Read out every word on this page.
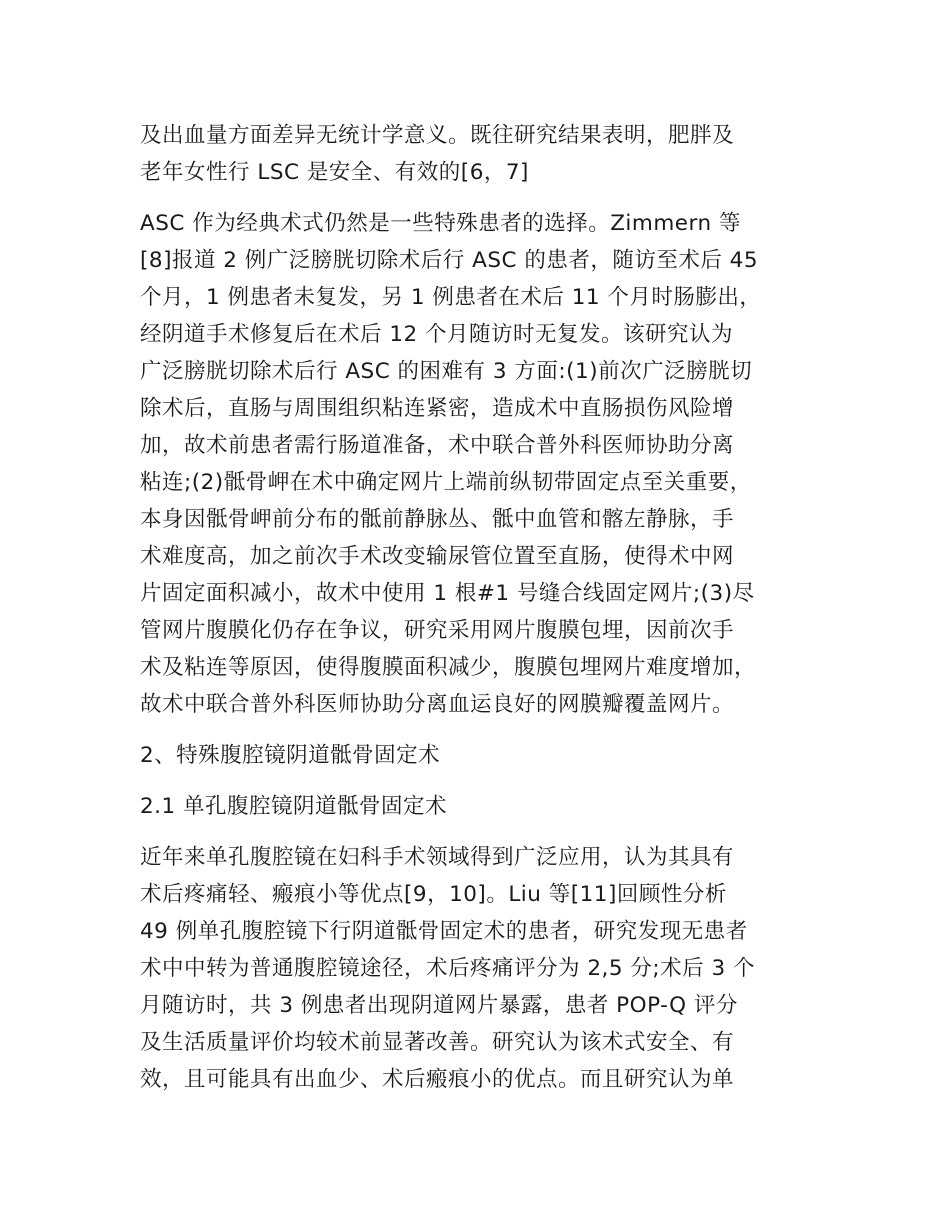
及出血量方面差异无统计学意义。既往研究结果表明，肥胖及
老年女性行 LSC 是安全、有效的[6，7]
ASC 作为经典术式仍然是一些特殊患者的选择。Zimmern 等
[8]报道 2 例广泛膀胱切除术后行 ASC 的患者，随访至术后 45
个月，1 例患者未复发，另 1 例患者在术后 11 个月时肠膨出，
经阴道手术修复后在术后 12 个月随访时无复发。该研究认为
广泛膀胱切除术后行 ASC 的困难有 3 方面:(1)前次广泛膀胱切
除术后，直肠与周围组织粘连紧密，造成术中直肠损伤风险增
加，故术前患者需行肠道准备，术中联合普外科医师协助分离
粘连;(2)骶骨岬在术中确定网片上端前纵韧带固定点至关重要，
本身因骶骨岬前分布的骶前静脉丛、骶中血管和髂左静脉，手
术难度高，加之前次手术改变输尿管位置至直肠，使得术中网
片固定面积减小，故术中使用 1 根#1 号缝合线固定网片;(3)尽
管网片腹膜化仍存在争议，研究采用网片腹膜包埋，因前次手
术及粘连等原因，使得腹膜面积减少，腹膜包埋网片难度增加，
故术中联合普外科医师协助分离血运良好的网膜瓣覆盖网片。
2、特殊腹腔镜阴道骶骨固定术
2.1 单孔腹腔镜阴道骶骨固定术
近年来单孔腹腔镜在妇科手术领域得到广泛应用，认为其具有
术后疼痛轻、瘢痕小等优点[9，10]。Liu 等[11]回顾性分析
49 例单孔腹腔镜下行阴道骶骨固定术的患者，研究发现无患者
术中中转为普通腹腔镜途径，术后疼痛评分为 2,5 分;术后 3 个
月随访时，共 3 例患者出现阴道网片暴露，患者 POP-Q 评分
及生活质量评价均较术前显著改善。研究认为该术式安全、有
效，且可能具有出血少、术后瘢痕小的优点。而且研究认为单
